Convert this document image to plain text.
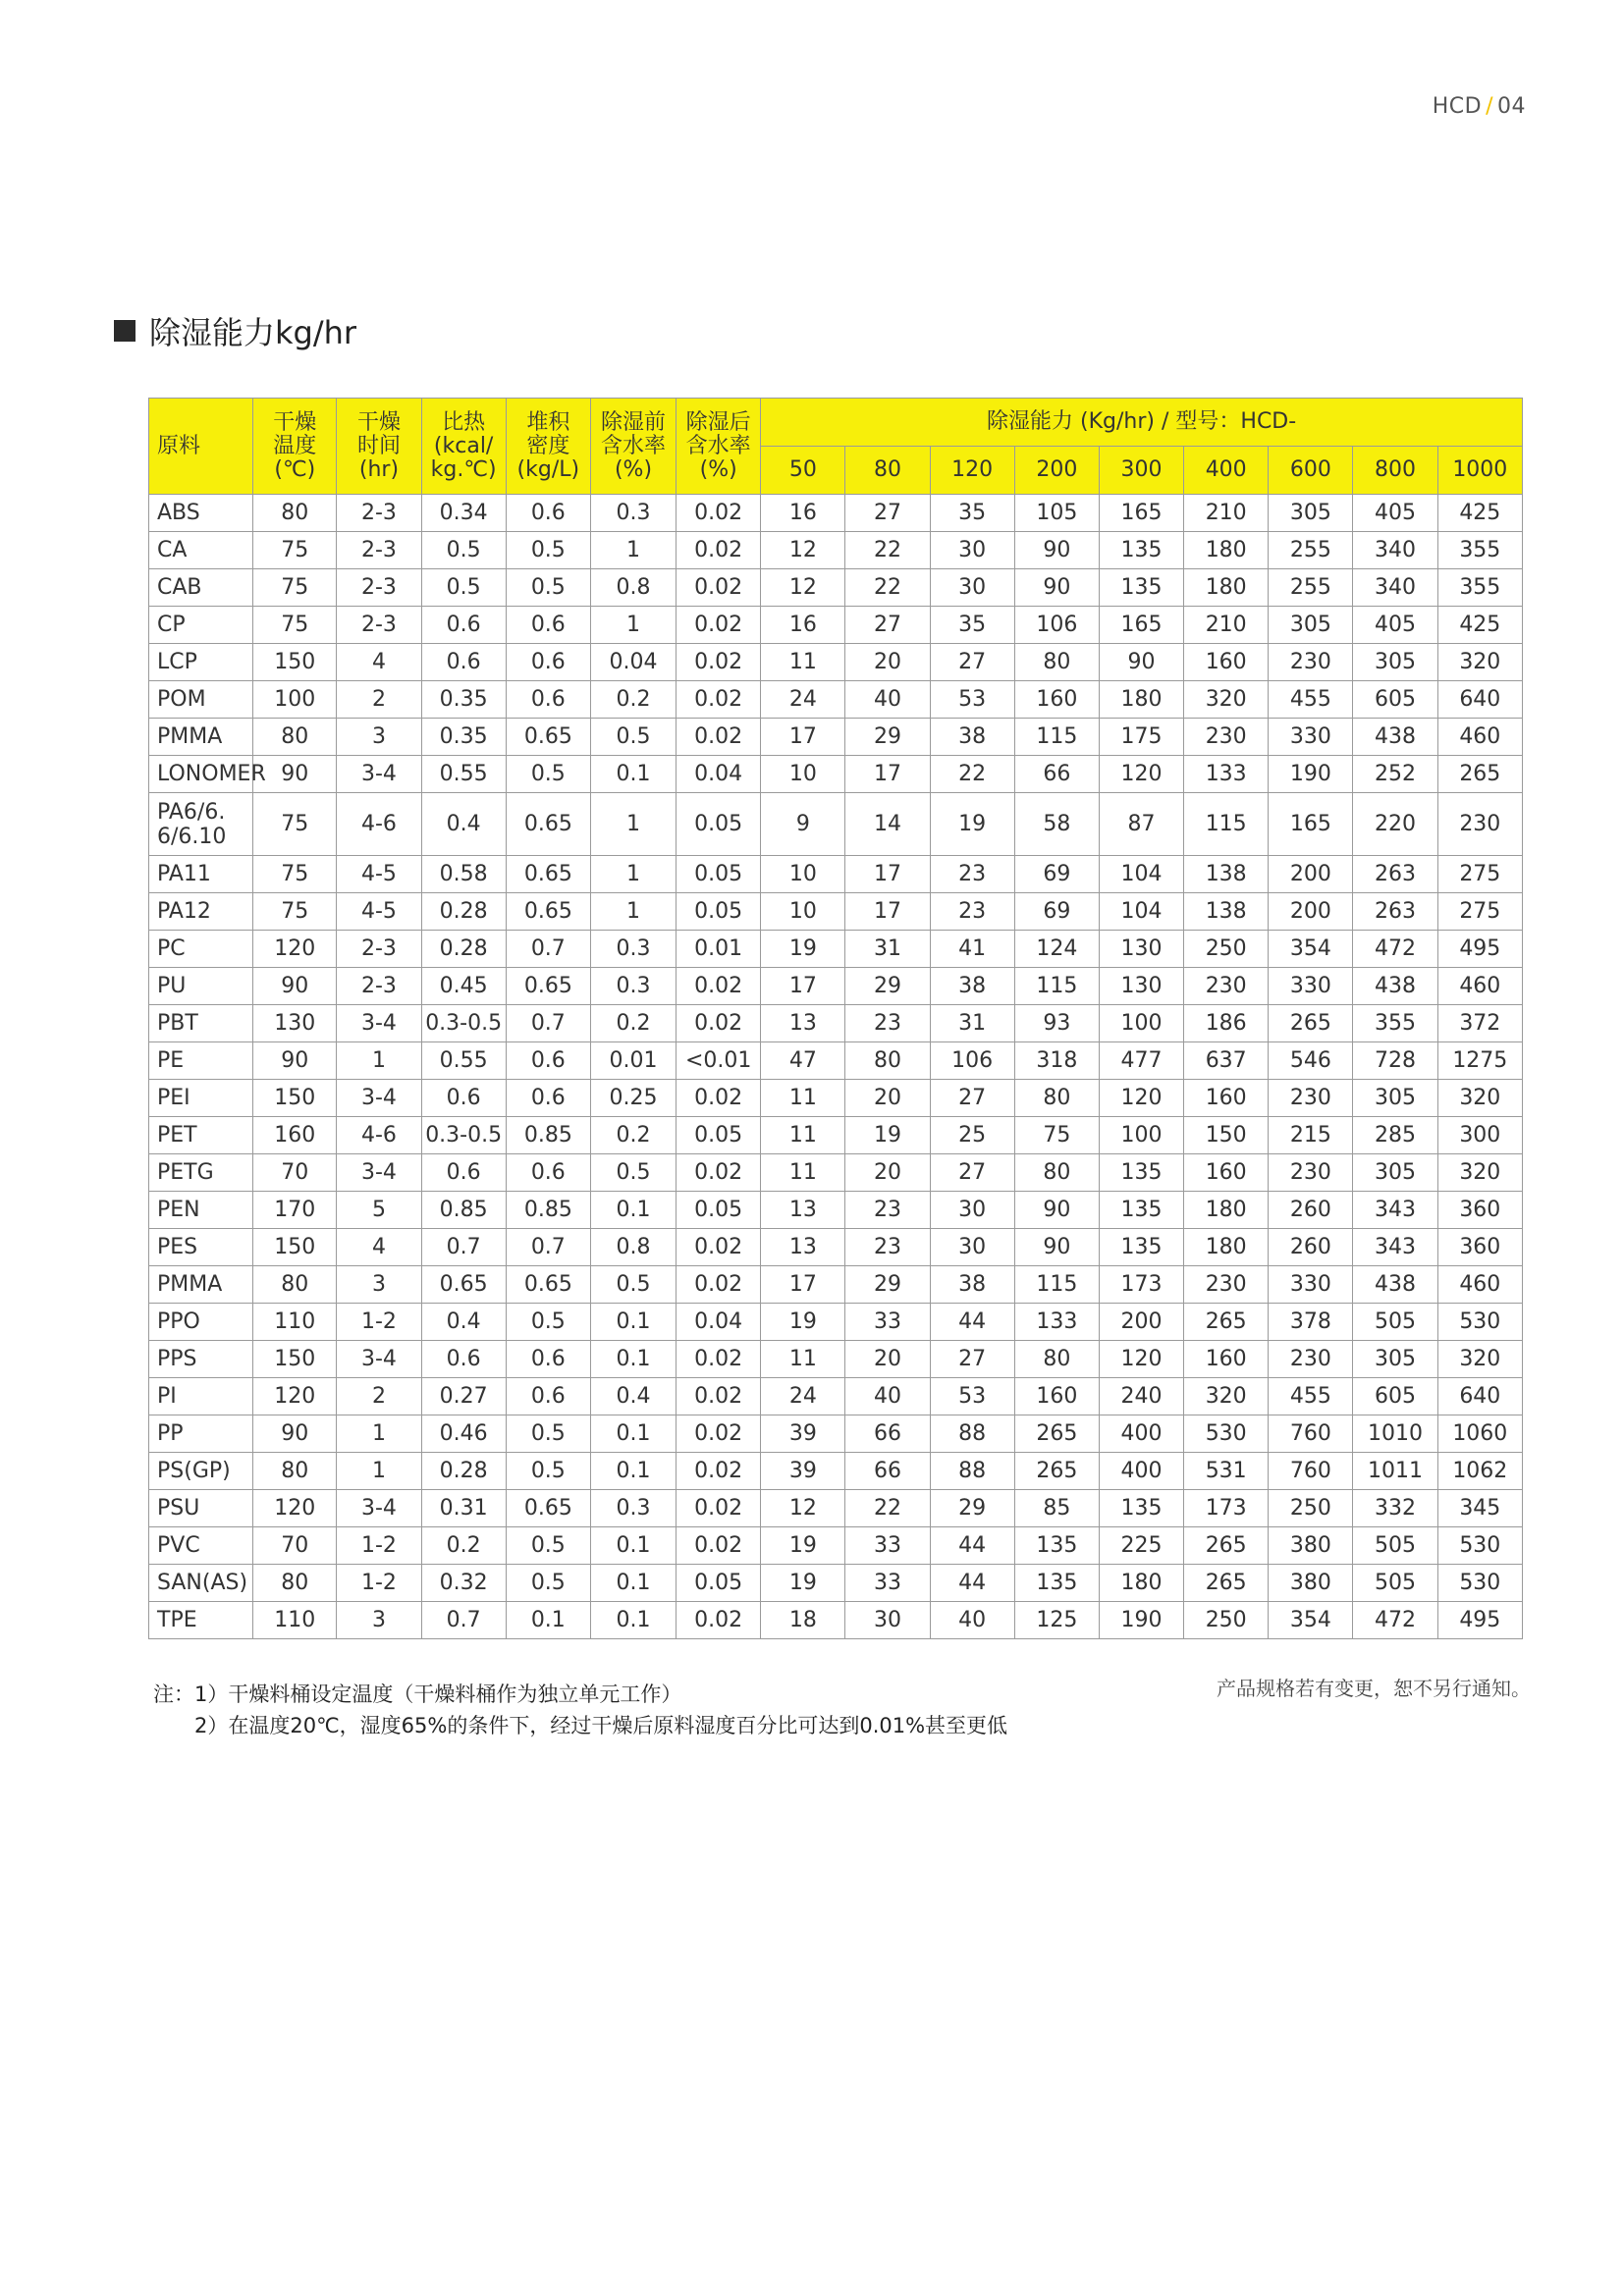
HCD / 04
除湿能力kg/hr
原料	干燥
温度
(℃)	干燥
时间
(hr)	比热
(kcal/
kg.℃)	堆积
密度
(kg/L)	除湿前
含水率
(%)	除湿后
含水率
(%)	除湿能力 (Kg/hr) / 型号：HCD-								
							50	80	120	200	300	400	600	800	1000
ABS	80	2-3	0.34	0.6	0.3	0.02	16	27	35	105	165	210	305	405	425
CA	75	2-3	0.5	0.5	1	0.02	12	22	30	90	135	180	255	340	355
CAB	75	2-3	0.5	0.5	0.8	0.02	12	22	30	90	135	180	255	340	355
CP	75	2-3	0.6	0.6	1	0.02	16	27	35	106	165	210	305	405	425
LCP	150	4	0.6	0.6	0.04	0.02	11	20	27	80	90	160	230	305	320
POM	100	2	0.35	0.6	0.2	0.02	24	40	53	160	180	320	455	605	640
PMMA	80	3	0.35	0.65	0.5	0.02	17	29	38	115	175	230	330	438	460
LONOMER	90	3-4	0.55	0.5	0.1	0.04	10	17	22	66	120	133	190	252	265
PA6/6.
6/6.10	75	4-6	0.4	0.65	1	0.05	9	14	19	58	87	115	165	220	230
PA11	75	4-5	0.58	0.65	1	0.05	10	17	23	69	104	138	200	263	275
PA12	75	4-5	0.28	0.65	1	0.05	10	17	23	69	104	138	200	263	275
PC	120	2-3	0.28	0.7	0.3	0.01	19	31	41	124	130	250	354	472	495
PU	90	2-3	0.45	0.65	0.3	0.02	17	29	38	115	130	230	330	438	460
PBT	130	3-4	0.3-0.5	0.7	0.2	0.02	13	23	31	93	100	186	265	355	372
PE	90	1	0.55	0.6	0.01	<0.01	47	80	106	318	477	637	546	728	1275
PEI	150	3-4	0.6	0.6	0.25	0.02	11	20	27	80	120	160	230	305	320
PET	160	4-6	0.3-0.5	0.85	0.2	0.05	11	19	25	75	100	150	215	285	300
PETG	70	3-4	0.6	0.6	0.5	0.02	11	20	27	80	135	160	230	305	320
PEN	170	5	0.85	0.85	0.1	0.05	13	23	30	90	135	180	260	343	360
PES	150	4	0.7	0.7	0.8	0.02	13	23	30	90	135	180	260	343	360
PMMA	80	3	0.65	0.65	0.5	0.02	17	29	38	115	173	230	330	438	460
PPO	110	1-2	0.4	0.5	0.1	0.04	19	33	44	133	200	265	378	505	530
PPS	150	3-4	0.6	0.6	0.1	0.02	11	20	27	80	120	160	230	305	320
PI	120	2	0.27	0.6	0.4	0.02	24	40	53	160	240	320	455	605	640
PP	90	1	0.46	0.5	0.1	0.02	39	66	88	265	400	530	760	1010	1060
PS(GP)	80	1	0.28	0.5	0.1	0.02	39	66	88	265	400	531	760	1011	1062
PSU	120	3-4	0.31	0.65	0.3	0.02	12	22	29	85	135	173	250	332	345
PVC	70	1-2	0.2	0.5	0.1	0.02	19	33	44	135	225	265	380	505	530
SAN(AS)	80	1-2	0.32	0.5	0.1	0.05	19	33	44	135	180	265	380	505	530
TPE	110	3	0.7	0.1	0.1	0.02	18	30	40	125	190	250	354	472	495
注：1）干燥料桶设定温度（干燥料桶作为独立单元工作）
2）在温度20℃，湿度65%的条件下，经过干燥后原料湿度百分比可达到0.01%甚至更低
产品规格若有变更，恕不另行通知。
